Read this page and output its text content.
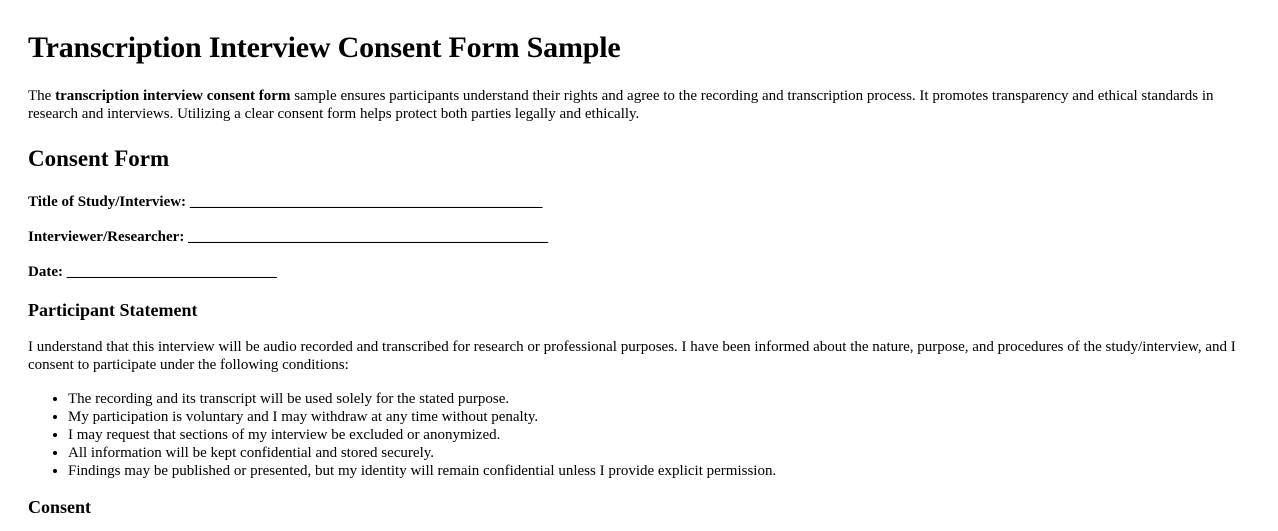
Transcription Interview Consent Form Sample

The transcription interview consent form sample ensures participants understand their rights and agree to the recording and transcription process. It promotes transparency and ethical standards in research and interviews. Utilizing a clear consent form helps protect both parties legally and ethically.

Consent Form
Title of Study/Interview: _______________________________________________
Interviewer/Researcher: ________________________________________________
Date: ____________________________
Participant Statement

I understand that this interview will be audio recorded and transcribed for research or professional purposes. I have been informed about the nature, purpose, and procedures of the study/interview, and I consent to participate under the following conditions:

• The recording and its transcript will be used solely for the stated purpose.
• My participation is voluntary and I may withdraw at any time without penalty.
• I may request that sections of my interview be excluded or anonymized.
• All information will be kept confidential and stored securely.
• Findings may be published or presented, but my identity will remain confidential unless I provide explicit permission.
Consent
